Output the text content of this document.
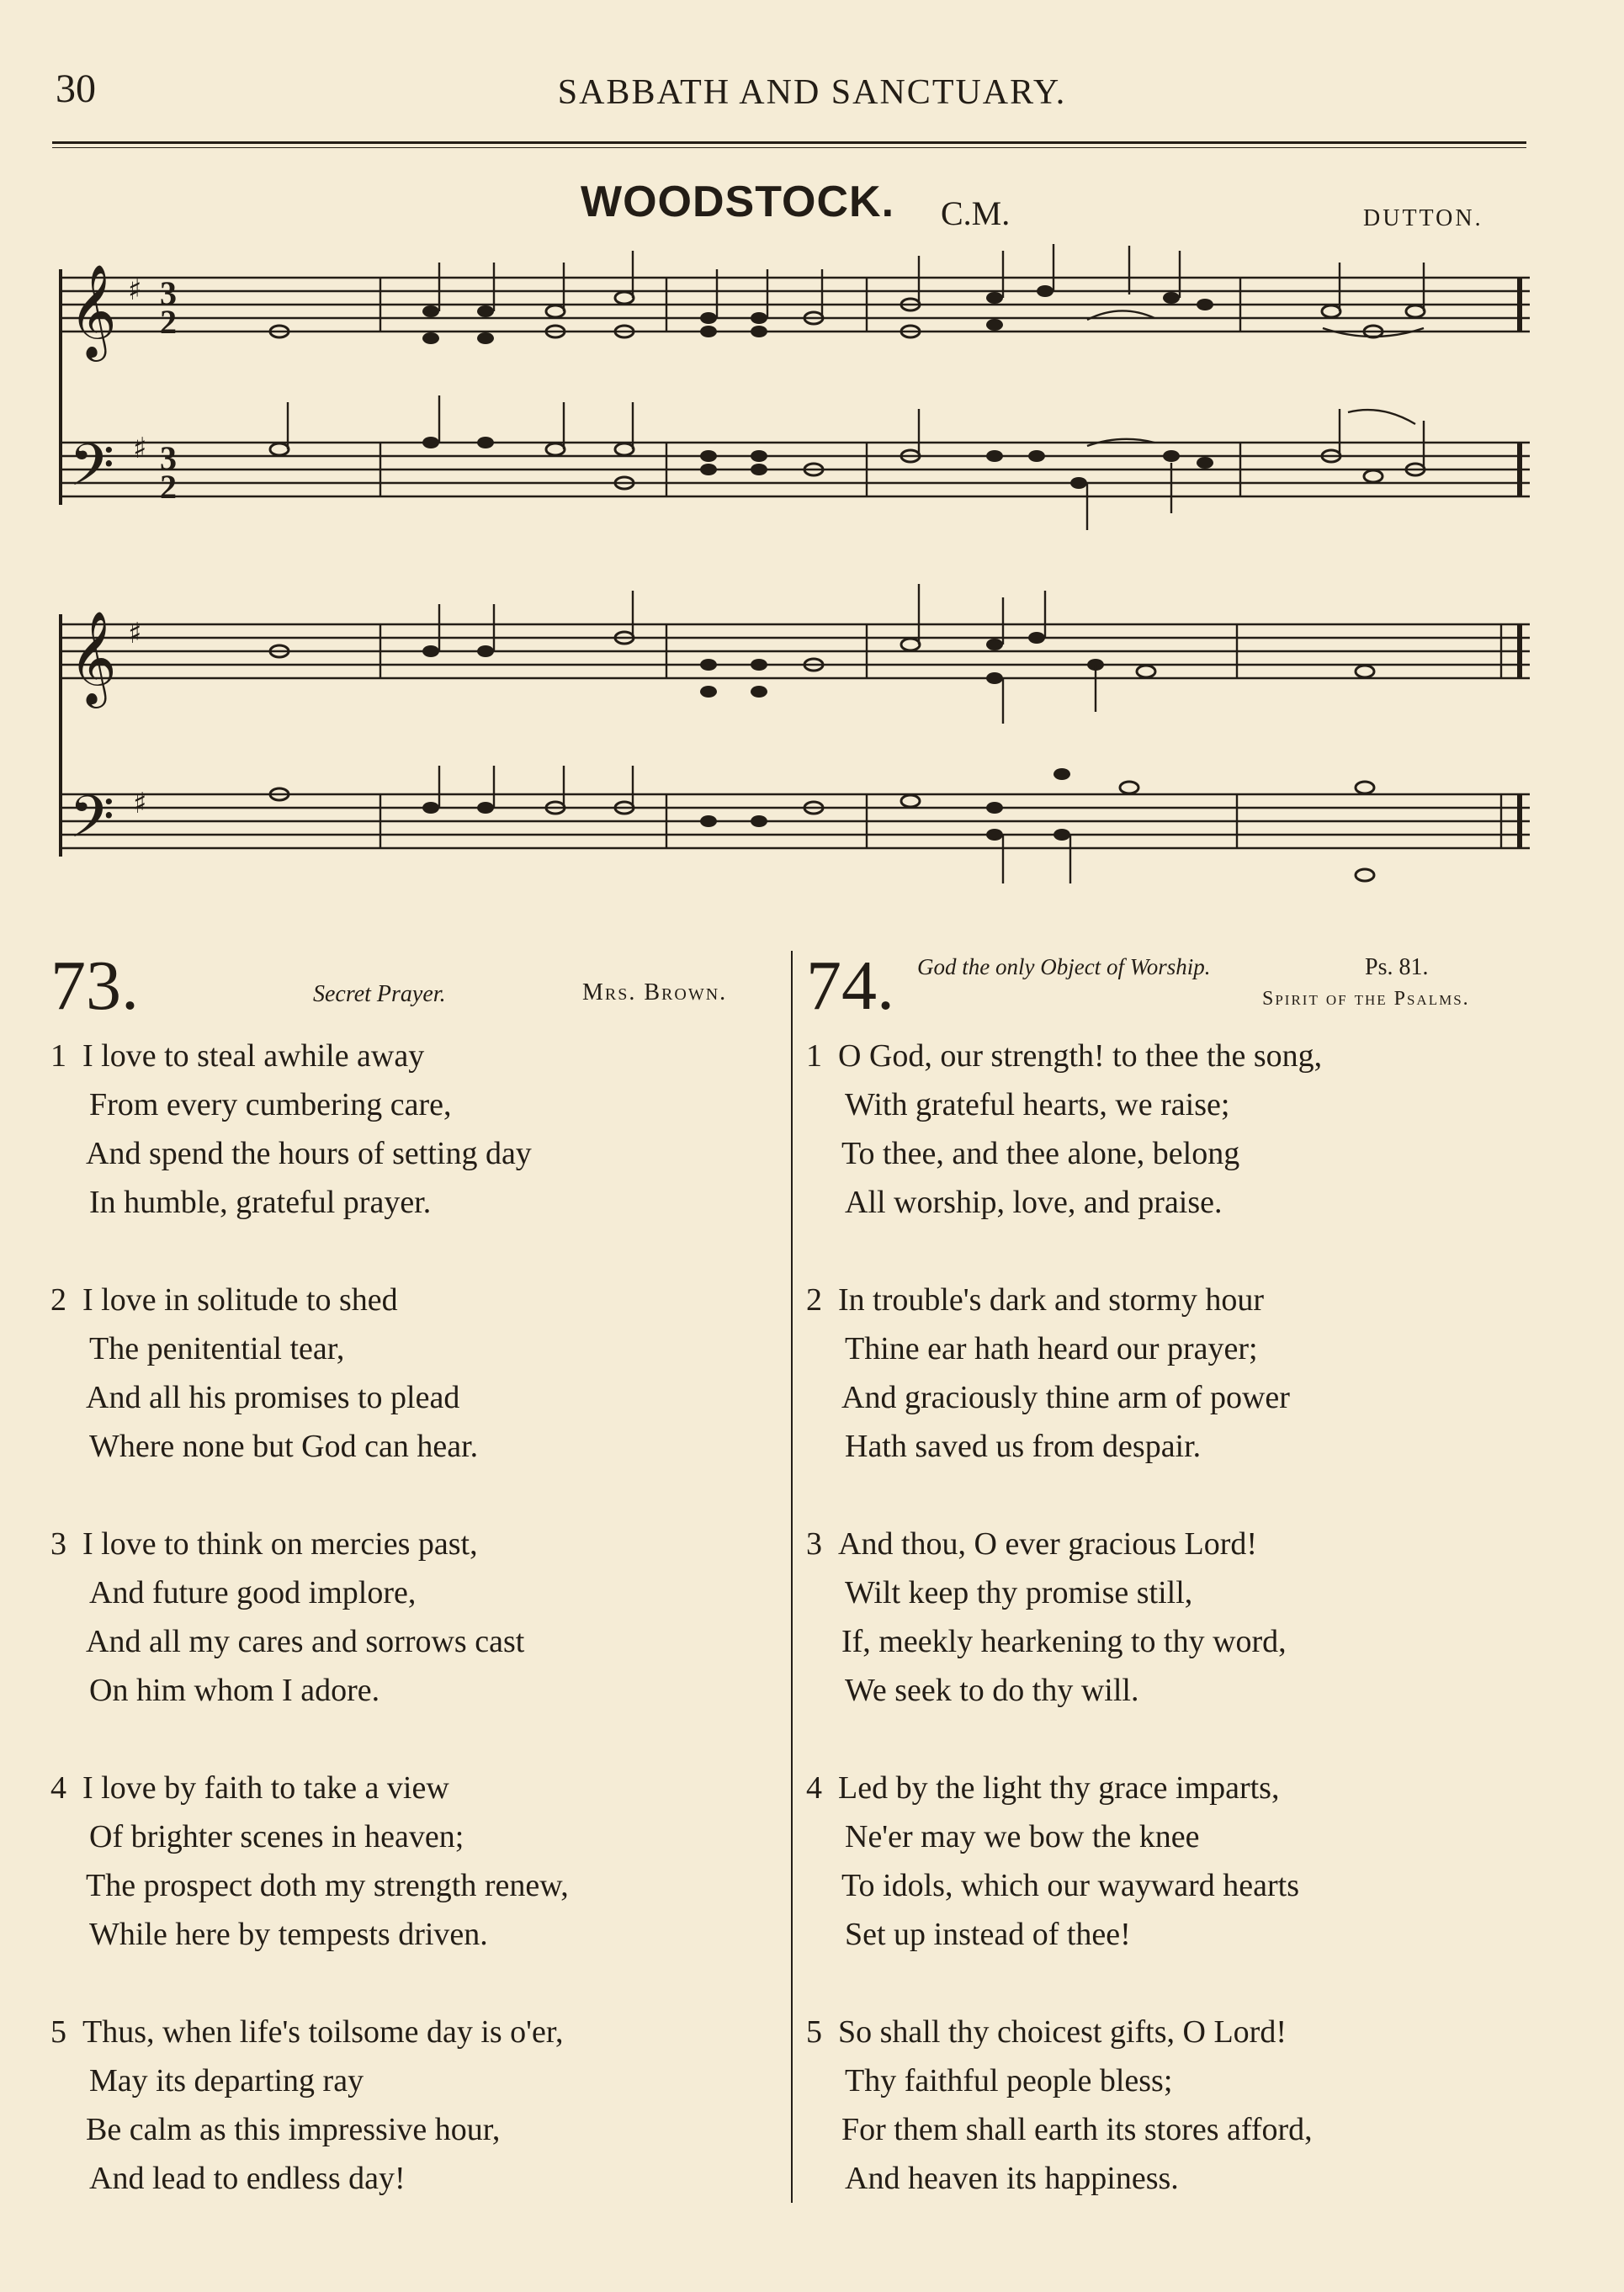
30	SABBATH AND SANCTUARY.
WOODSTOCK. C.M.	DUTTON.
𝄞
𝄢
𝄞
𝄢
♯
♯
♯
♯
3
2
3
2
73.	Secret Prayer.	Mrs. Brown. 74. God the only Object of Worship.	Ps. 81.
Spirit of the Psalms.
1 I love to steal awhile away
From every cumbering care,
And spend the hours of setting day
In humble, grateful prayer.
2 I love in solitude to shed
The penitential tear,
And all his promises to plead
Where none but God can hear.
3 I love to think on mercies past,
And future good implore,
And all my cares and sorrows cast
On him whom I adore.
4 I love by faith to take a view
Of brighter scenes in heaven;
The prospect doth my strength renew,
While here by tempests driven.
5 Thus, when life's toilsome day is o'er,
May its departing ray
Be calm as this impressive hour,
And lead to endless day!
1 O God, our strength! to thee the song,
With grateful hearts, we raise;
To thee, and thee alone, belong
All worship, love, and praise.
2 In trouble's dark and stormy hour
Thine ear hath heard our prayer;
And graciously thine arm of power
Hath saved us from despair.
3 And thou, O ever gracious Lord!
Wilt keep thy promise still,
If, meekly hearkening to thy word,
We seek to do thy will.
4 Led by the light thy grace imparts,
Ne'er may we bow the knee
To idols, which our wayward hearts
Set up instead of thee!
5 So shall thy choicest gifts, O Lord!
Thy faithful people bless;
For them shall earth its stores afford,
And heaven its happiness.
